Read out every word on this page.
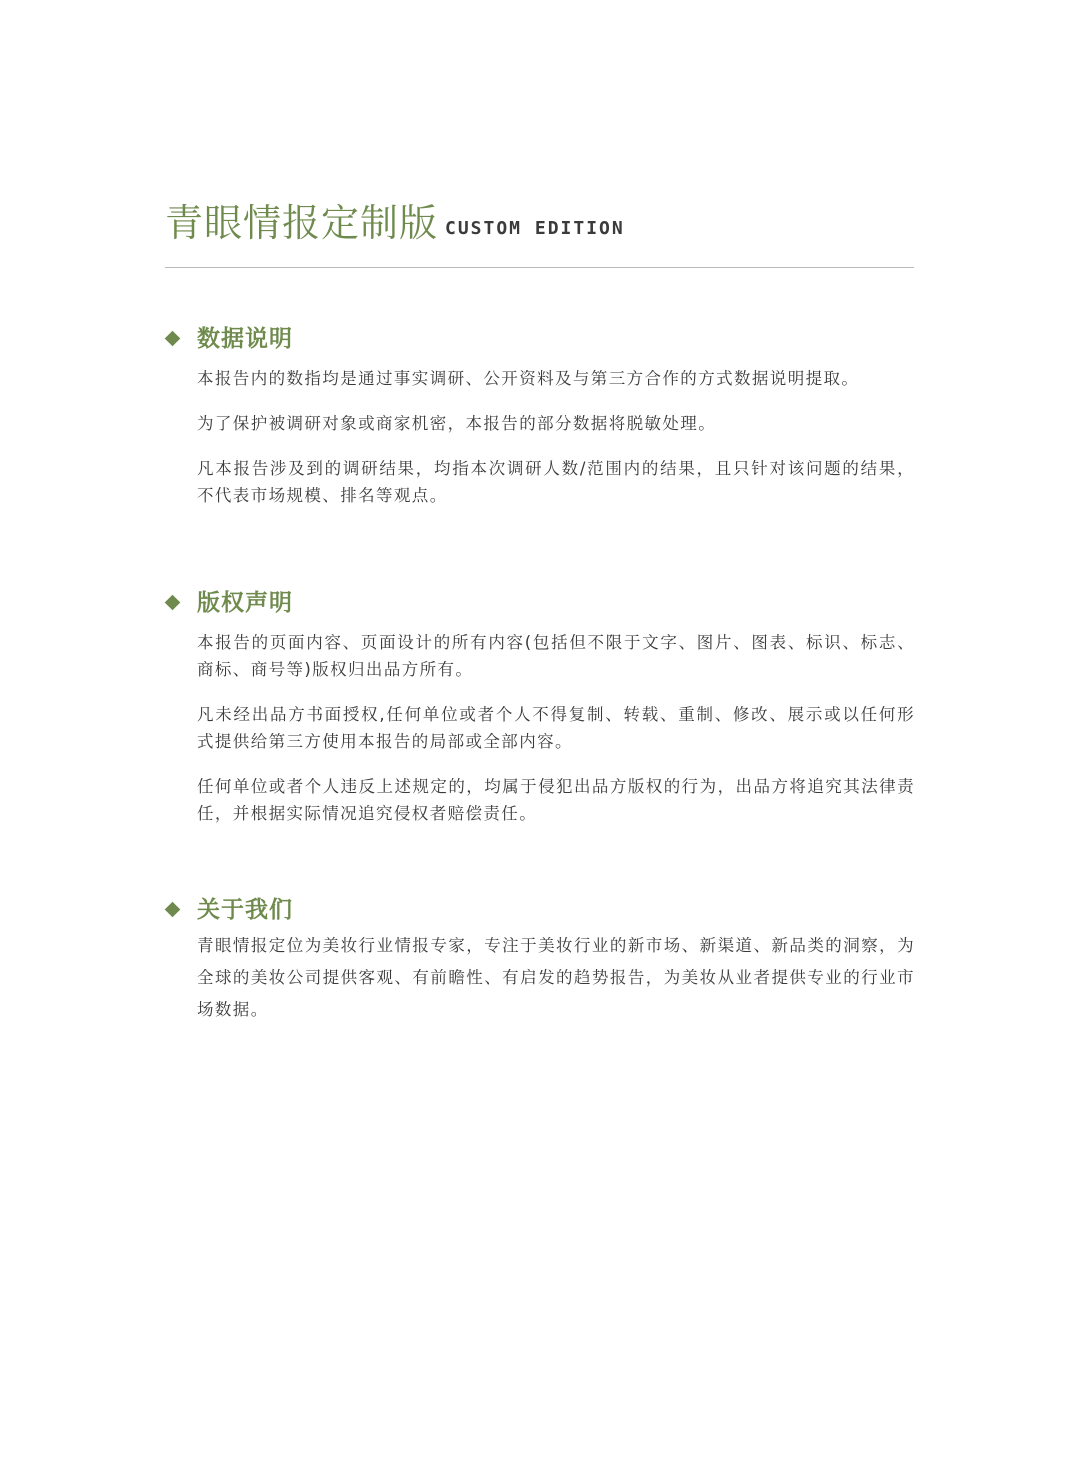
青眼情报定制版 CUSTOM EDITION
数据说明

本报告内的数指均是通过事实调研、公开资料及与第三方合作的方式数据说明提取。

为了保护被调研对象或商家机密，本报告的部分数据将脱敏处理。

凡本报告涉及到的调研结果，均指本次调研人数/范围内的结果，且只针对该问题的结果，不代表市场规模、排名等观点。

版权声明

本报告的页面内容、页面设计的所有内容(包括但不限于文字、图片、图表、标识、标志、商标、商号等)版权归出品方所有。

凡未经出品方书面授权,任何单位或者个人不得复制、转载、重制、修改、展示或以任何形式提供给第三方使用本报告的局部或全部内容。

任何单位或者个人违反上述规定的，均属于侵犯出品方版权的行为，出品方将追究其法律责任，并根据实际情况追究侵权者赔偿责任。

关于我们

青眼情报定位为美妆行业情报专家，专注于美妆行业的新市场、新渠道、新品类的洞察，为全球的美妆公司提供客观、有前瞻性、有启发的趋势报告，为美妆从业者提供专业的行业市场数据。
